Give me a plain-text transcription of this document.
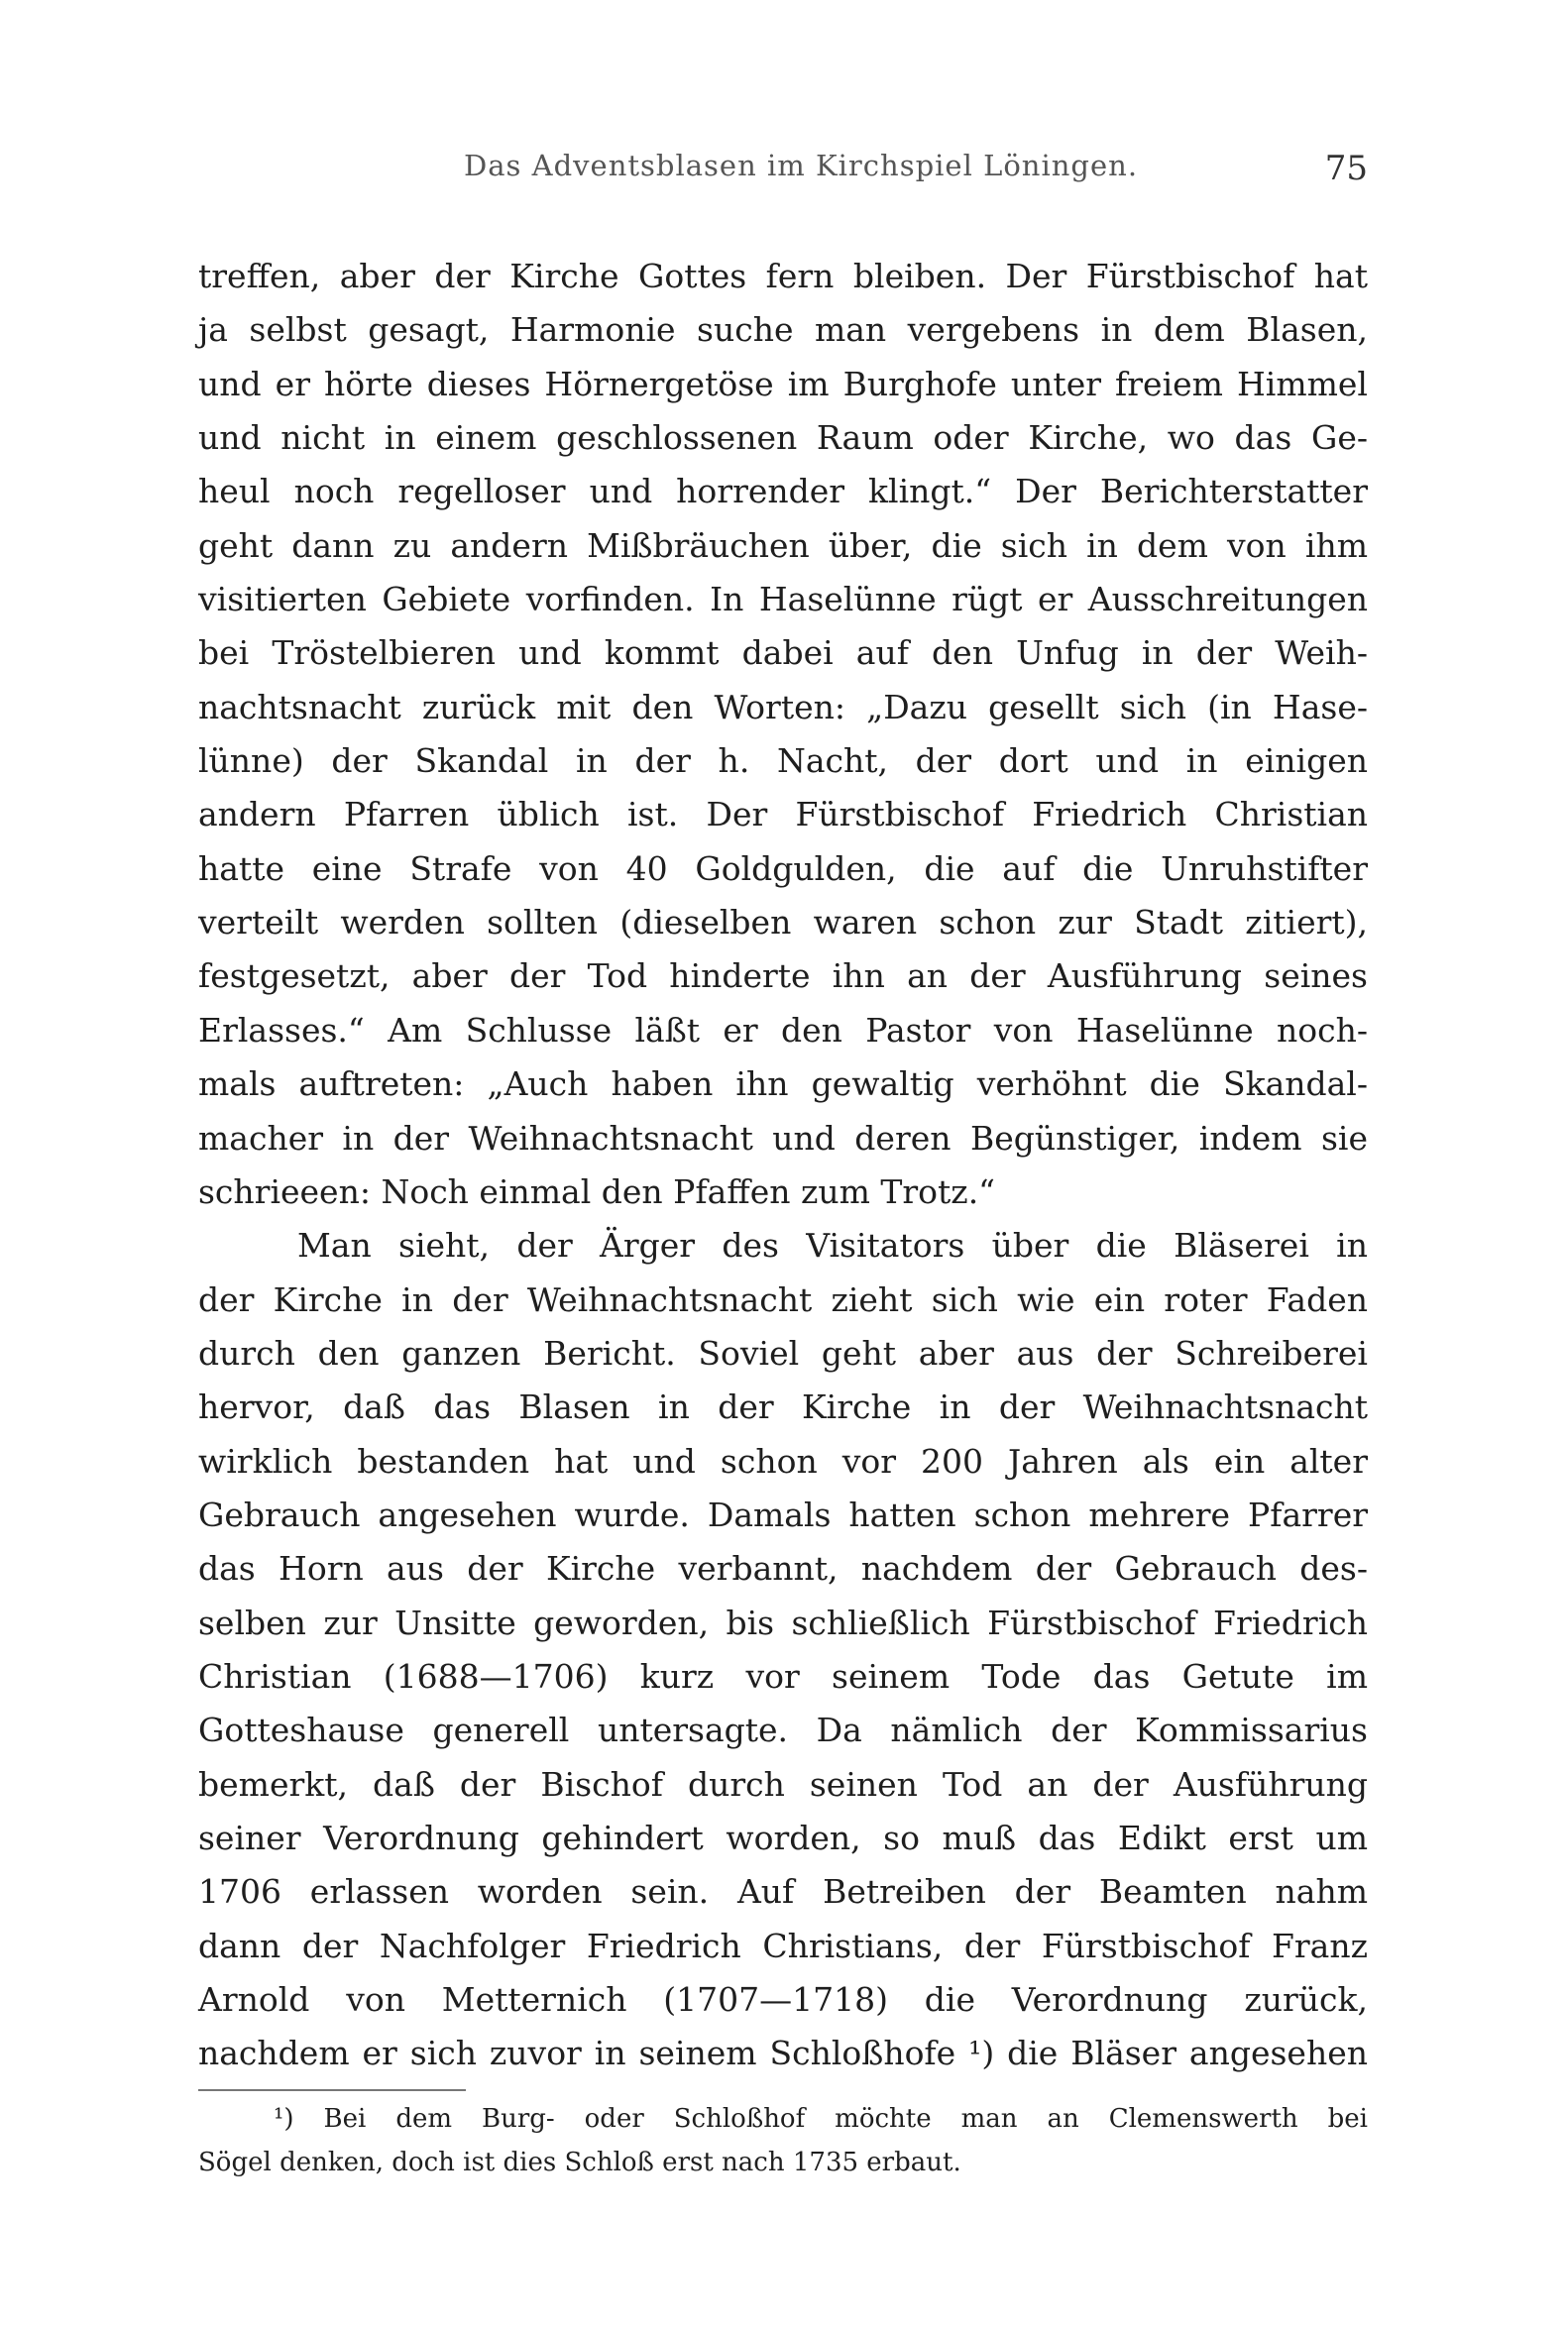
Das Adventsblasen im Kirchspiel Löningen.	75
treffen, aber der Kirche Gottes fern bleiben. Der Fürstbischof hat
ja selbst gesagt, Harmonie suche man vergebens in dem Blasen,
und er hörte dieses Hörnergetöse im Burghofe unter freiem Himmel
und nicht in einem geschlossenen Raum oder Kirche, wo das Ge-
heul noch regelloser und horrender klingt.“ Der Berichterstatter
geht dann zu andern Mißbräuchen über, die sich in dem von ihm
visitierten Gebiete vorfinden. In Haselünne rügt er Ausschreitungen
bei Tröstelbieren und kommt dabei auf den Unfug in der Weih-
nachtsnacht zurück mit den Worten: „Dazu gesellt sich (in Hase-
lünne) der Skandal in der h. Nacht, der dort und in einigen
andern Pfarren üblich ist. Der Fürstbischof Friedrich Christian
hatte eine Strafe von 40 Goldgulden, die auf die Unruhstifter
verteilt werden sollten (dieselben waren schon zur Stadt zitiert),
festgesetzt, aber der Tod hinderte ihn an der Ausführung seines
Erlasses.“ Am Schlusse läßt er den Pastor von Haselünne noch-
mals auftreten: „Auch haben ihn gewaltig verhöhnt die Skandal-
macher in der Weihnachtsnacht und deren Begünstiger, indem sie
schrieeen: Noch einmal den Pfaffen zum Trotz.“
Man sieht, der Ärger des Visitators über die Bläserei in
der Kirche in der Weihnachtsnacht zieht sich wie ein roter Faden
durch den ganzen Bericht. Soviel geht aber aus der Schreiberei
hervor, daß das Blasen in der Kirche in der Weihnachtsnacht
wirklich bestanden hat und schon vor 200 Jahren als ein alter
Gebrauch angesehen wurde. Damals hatten schon mehrere Pfarrer
das Horn aus der Kirche verbannt, nachdem der Gebrauch des-
selben zur Unsitte geworden, bis schließlich Fürstbischof Friedrich
Christian (1688—1706) kurz vor seinem Tode das Getute im
Gotteshause generell untersagte. Da nämlich der Kommissarius
bemerkt, daß der Bischof durch seinen Tod an der Ausführung
seiner Verordnung gehindert worden, so muß das Edikt erst um
1706 erlassen worden sein. Auf Betreiben der Beamten nahm
dann der Nachfolger Friedrich Christians, der Fürstbischof Franz
Arnold von Metternich (1707—1718) die Verordnung zurück,
nachdem er sich zuvor in seinem Schloßhofe ¹) die Bläser angesehen
¹) Bei dem Burg- oder Schloßhof möchte man an Clemenswerth bei
Sögel denken, doch ist dies Schloß erst nach 1735 erbaut.
